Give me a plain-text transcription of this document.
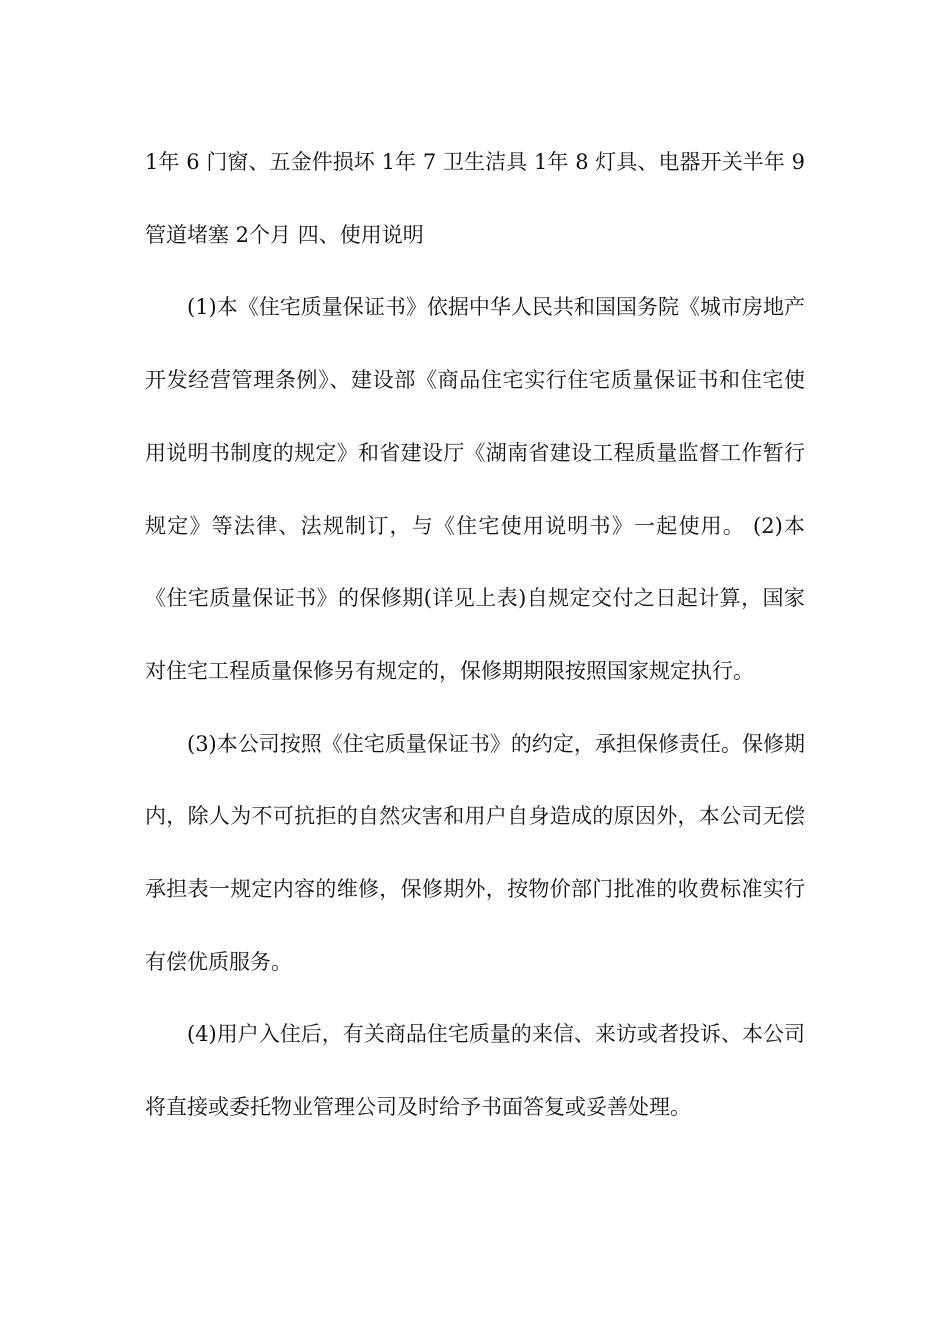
1年 6 门窗、五金件损坏 1年 7 卫生洁具 1年 8 灯具、电器开关半年 9 管道堵塞 2个月 四、使用说明

(1)本《住宅质量保证书》依据中华人民共和国国务院《城市房地产开发经营管理条例》、建设部《商品住宅实行住宅质量保证书和住宅使用说明书制度的规定》和省建设厅《湖南省建设工程质量监督工作暂行规定》等法律、法规制订，与《住宅使用说明书》一起使用。 (2)本《住宅质量保证书》的保修期(详见上表)自规定交付之日起计算，国家对住宅工程质量保修另有规定的，保修期期限按照国家规定执行。

(3)本公司按照《住宅质量保证书》的约定，承担保修责任。保修期内，除人为不可抗拒的自然灾害和用户自身造成的原因外，本公司无偿承担表一规定内容的维修，保修期外，按物价部门批准的收费标准实行有偿优质服务。

(4)用户入住后，有关商品住宅质量的来信、来访或者投诉、本公司将直接或委托物业管理公司及时给予书面答复或妥善处理。
